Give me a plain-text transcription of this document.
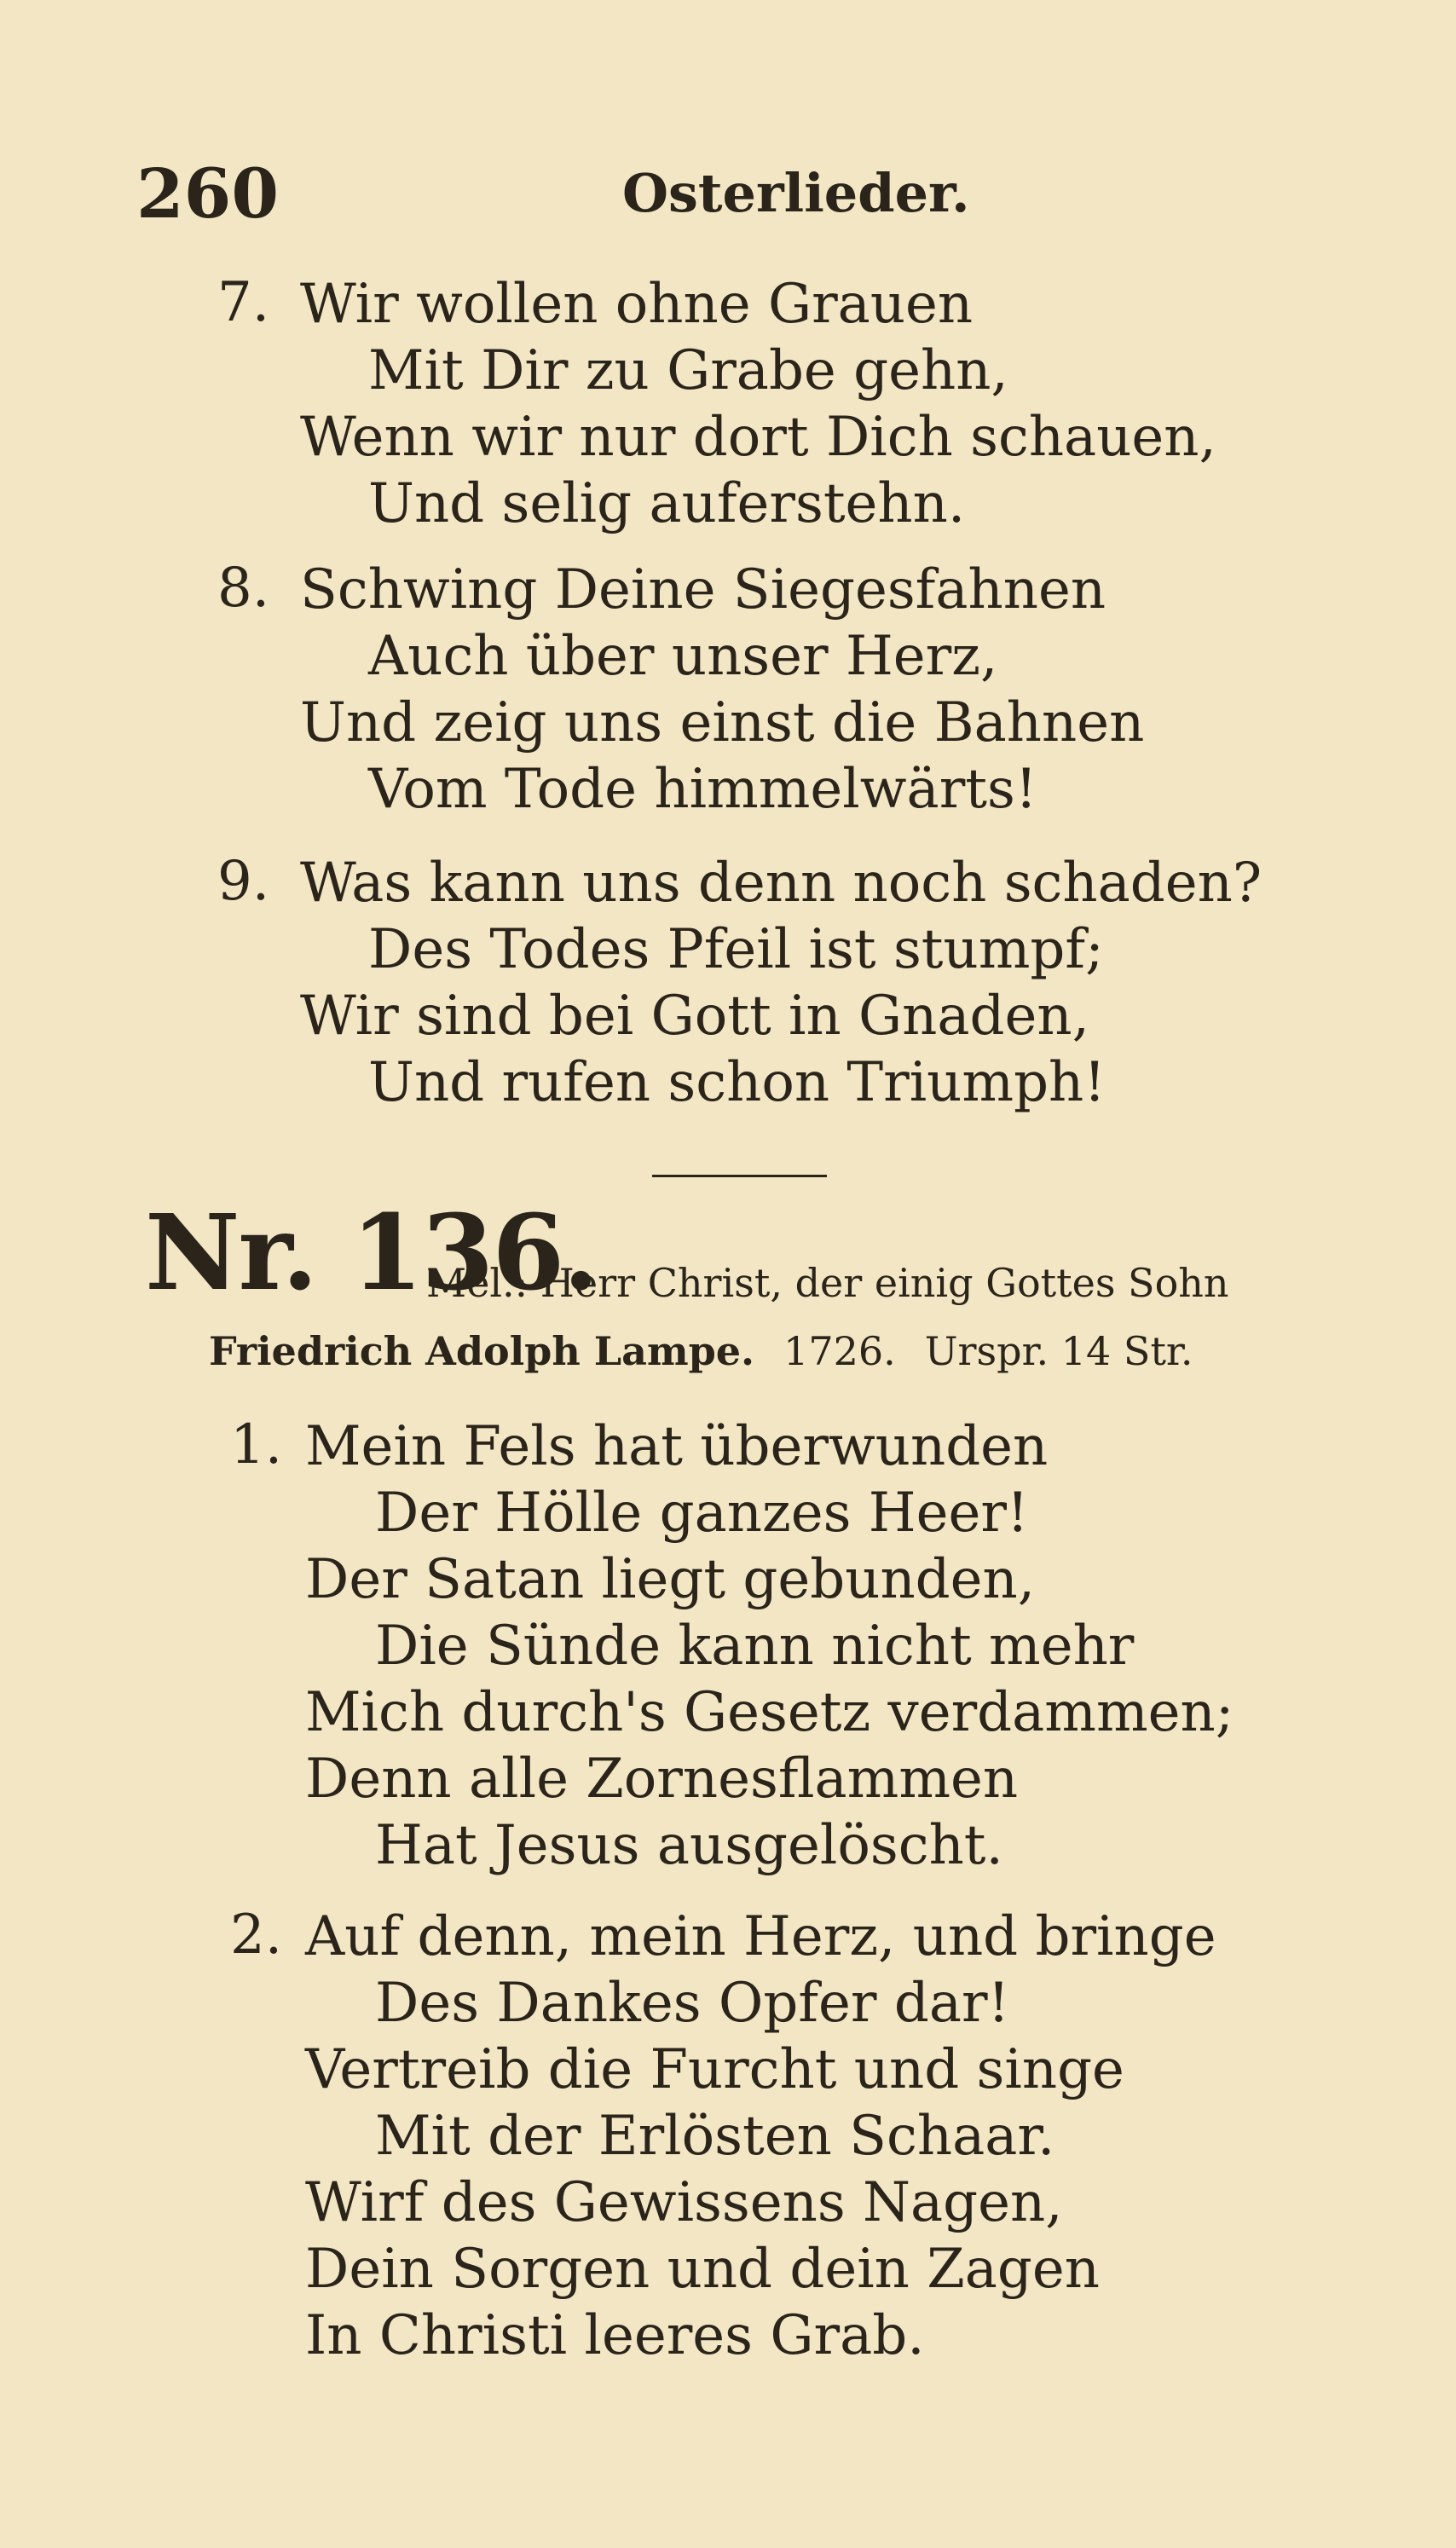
260	Osterlieder.
7. Wir wollen ohne Grauen

Mit Dir zu Grabe gehn,

Wenn wir nur dort Dich schauen,

Und selig auferstehn.

8. Schwing Deine Siegesfahnen

Auch über unser Herz,

Und zeig uns einst die Bahnen

Vom Tode himmelwärts!

9. Was kann uns denn noch schaden?

Des Todes Pfeil ist stumpf;

Wir sind bei Gott in Gnaden,

Und rufen schon Triumph!

Nr. 136.

Mel.: Herr Christ, der einig Gottes Sohn

Friedrich Adolph Lampe. 1726. Urspr. 14 Str.

1. Mein Fels hat überwunden

Der Hölle ganzes Heer!

Der Satan liegt gebunden,

Die Sünde kann nicht mehr

Mich durch's Gesetz verdammen;

Denn alle Zornesflammen

Hat Jesus ausgelöscht.

2. Auf denn, mein Herz, und bringe

Des Dankes Opfer dar!

Vertreib die Furcht und singe

Mit der Erlösten Schaar.

Wirf des Gewissens Nagen,

Dein Sorgen und dein Zagen

In Christi leeres Grab.
